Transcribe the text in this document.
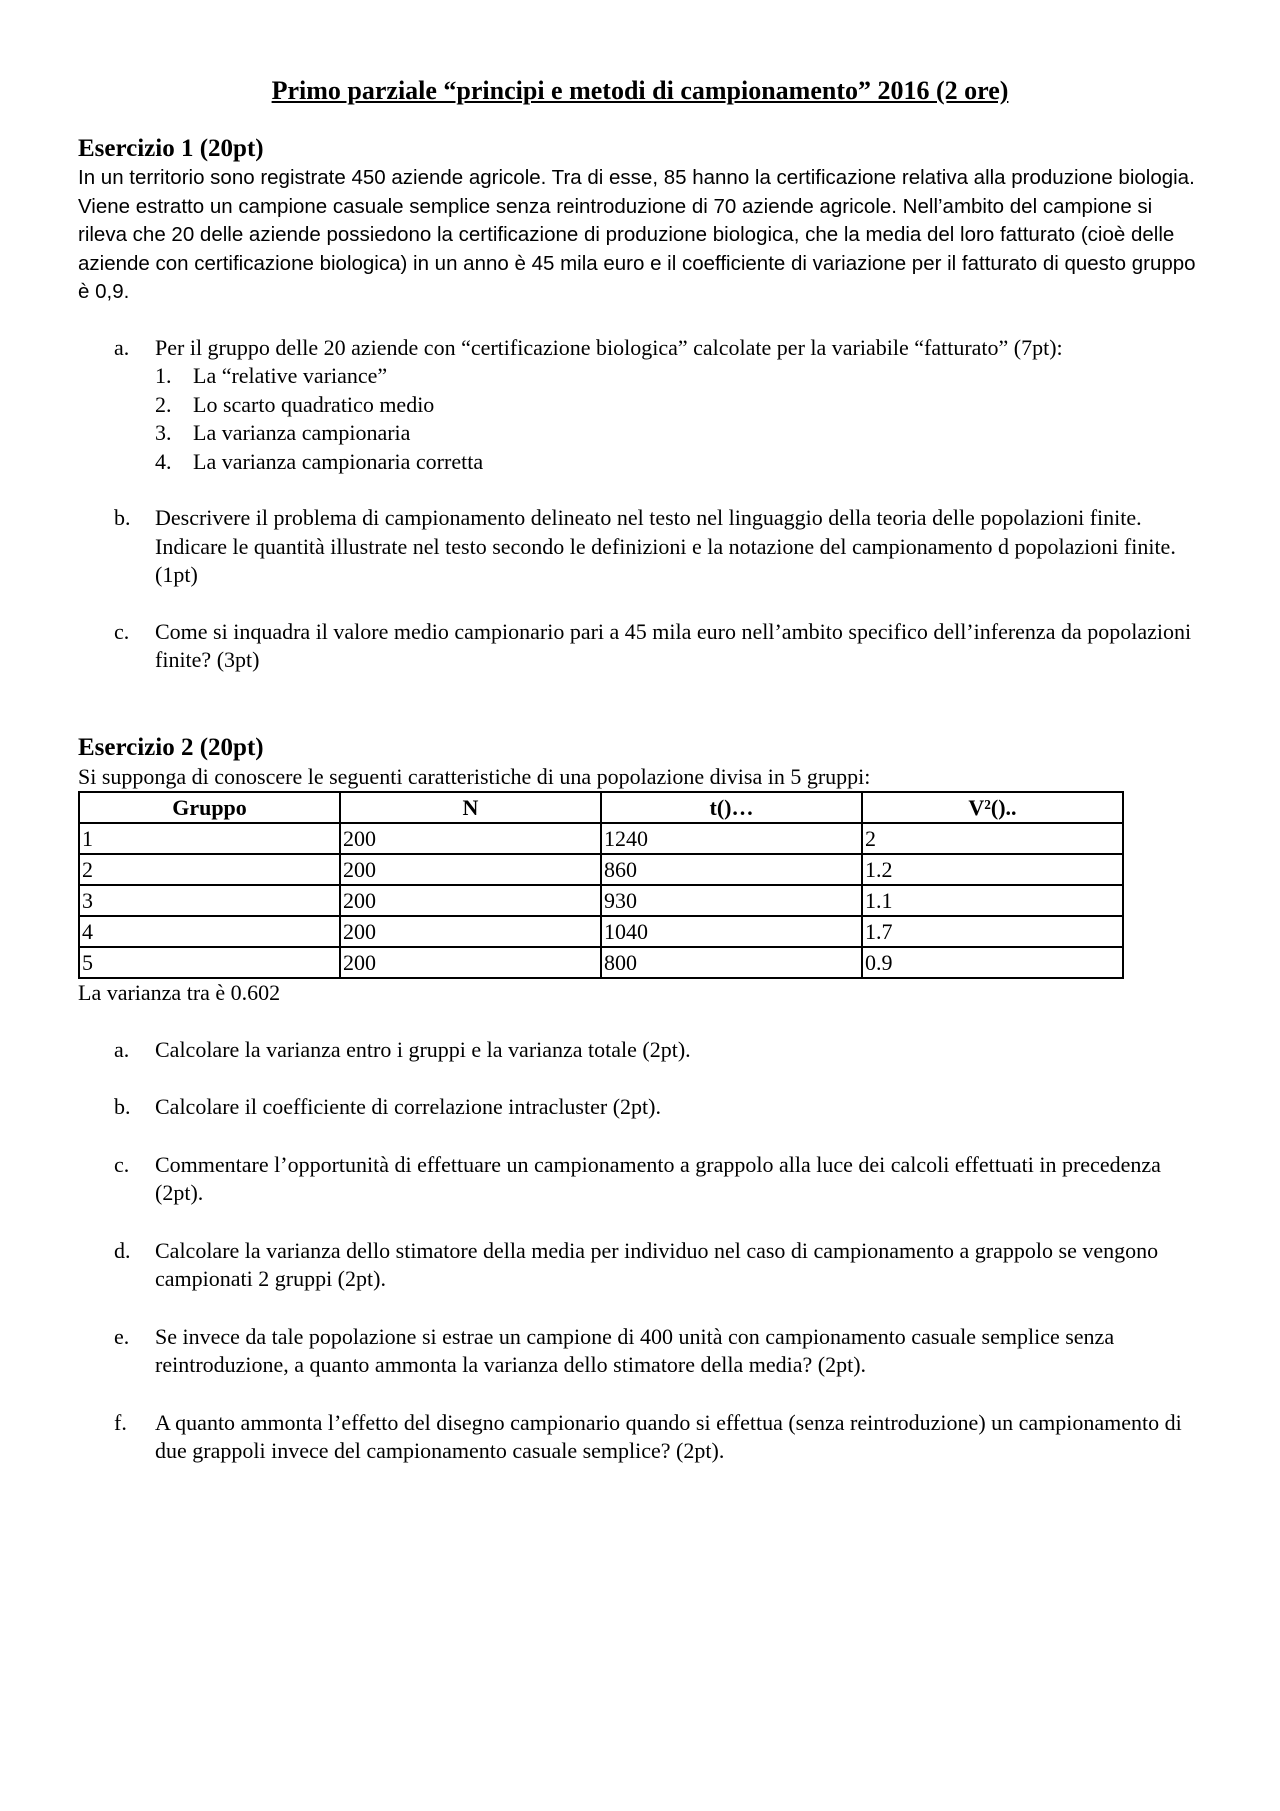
Primo parziale “principi e metodi di campionamento” 2016 (2 ore)
Esercizio 1 (20pt)

In un territorio sono registrate 450 aziende agricole. Tra di esse, 85 hanno la certificazione relativa alla produzione biologia. Viene estratto un campione casuale semplice senza reintroduzione di 70 aziende agricole. Nell’ambito del campione si rileva che 20 delle aziende possiedono la certificazione di produzione biologica, che la media del loro fatturato (cioè delle aziende con certificazione biologica) in un anno è 45 mila euro e il coefficiente di variazione per il fatturato di questo gruppo è 0,9.

a.	Per il gruppo delle 20 aziende con “certificazione biologica” calcolate per la variabile “fatturato” (7pt):
1. La “relative variance”
2. Lo scarto quadratico medio
3. La varianza campionaria
4. La varianza campionaria corretta
b.	Descrivere il problema di campionamento delineato nel testo nel linguaggio della teoria delle popolazioni finite. Indicare le quantità illustrate nel testo secondo le definizioni e la notazione del campionamento d popolazioni finite. (1pt)
c.	Come si inquadra il valore medio campionario pari a 45 mila euro nell’ambito specifico dell’inferenza da popolazioni finite? (3pt)
Esercizio 2 (20pt)

Si supponga di conoscere le seguenti caratteristiche di una popolazione divisa in 5 gruppi:

Gruppo	N	t()…	V²()..
1	200	1240	2
2	200	860	1.2
3	200	930	1.1
4	200	1040	1.7
5	200	800	0.9

La varianza tra è 0.602

a.	Calcolare la varianza entro i gruppi e la varianza totale (2pt).
b.	Calcolare il coefficiente di correlazione intracluster (2pt).
c.	Commentare l’opportunità di effettuare un campionamento a grappolo alla luce dei calcoli effettuati in precedenza (2pt).
d.	Calcolare la varianza dello stimatore della media per individuo nel caso di campionamento a grappolo se vengono campionati 2 gruppi (2pt).
e.	Se invece da tale popolazione si estrae un campione di 400 unità con campionamento casuale semplice senza reintroduzione, a quanto ammonta la varianza dello stimatore della media? (2pt).
f.	A quanto ammonta l’effetto del disegno campionario quando si effettua (senza reintroduzione) un campionamento di due grappoli invece del campionamento casuale semplice? (2pt).
